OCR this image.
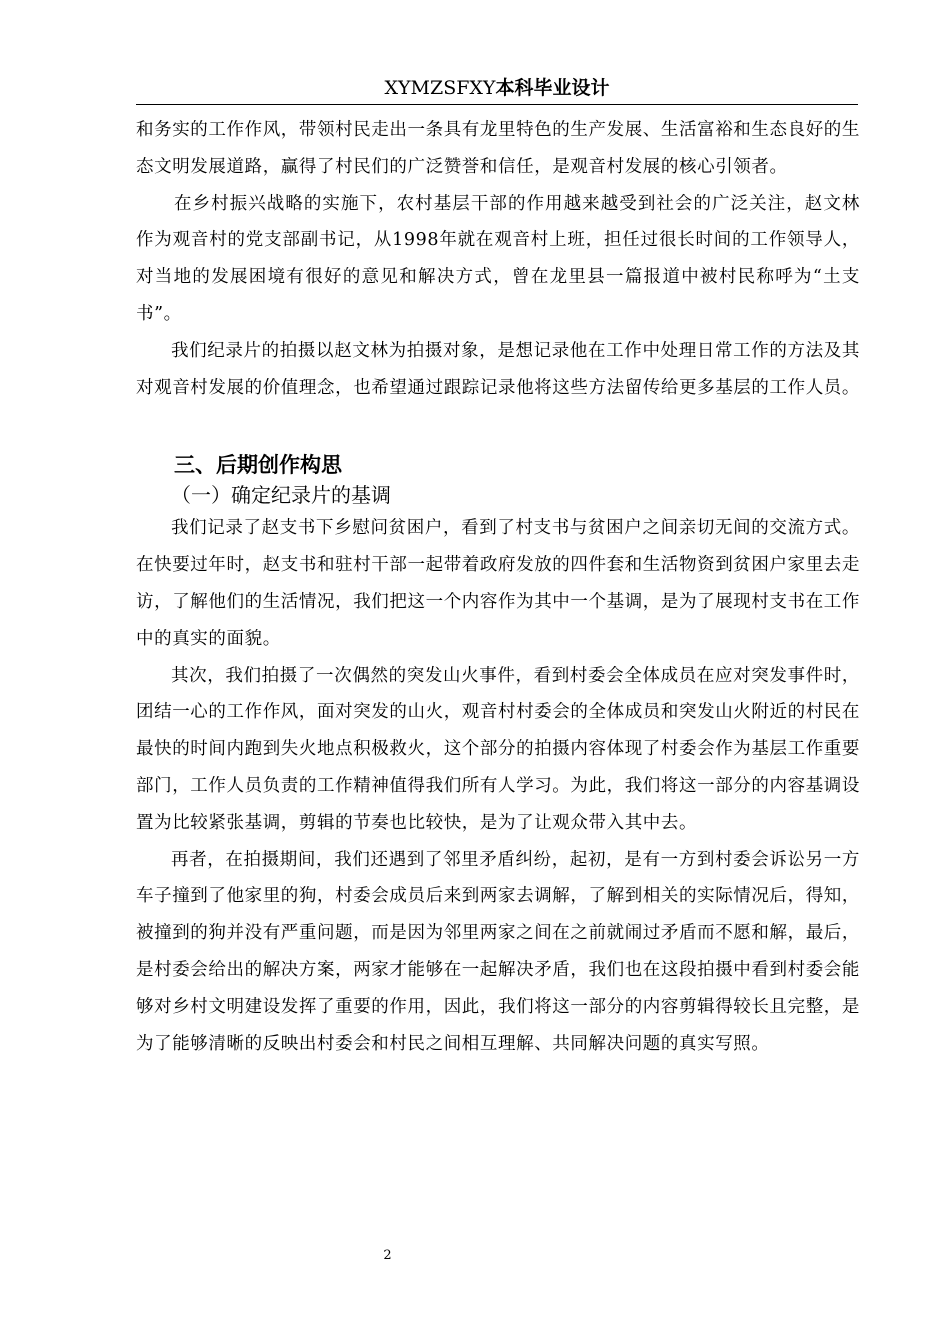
XYMZSFXY本科毕业设计

和务实的工作作风，带领村民走出一条具有龙里特色的生产发展、生活富裕和生态良好的生态文明发展道路，赢得了村民们的广泛赞誉和信任，是观音村发展的核心引领者。

在乡村振兴战略的实施下，农村基层干部的作用越来越受到社会的广泛关注，赵文林作为观音村的党支部副书记，从1998年就在观音村上班，担任过很长时间的工作领导人，对当地的发展困境有很好的意见和解决方式，曾在龙里县一篇报道中被村民称呼为“土支书”。

我们纪录片的拍摄以赵文林为拍摄对象，是想记录他在工作中处理日常工作的方法及其对观音村发展的价值理念，也希望通过跟踪记录他将这些方法留传给更多基层的工作人员。

三、后期创作构思
（一）确定纪录片的基调

我们记录了赵支书下乡慰问贫困户，看到了村支书与贫困户之间亲切无间的交流方式。在快要过年时，赵支书和驻村干部一起带着政府发放的四件套和生活物资到贫困户家里去走访，了解他们的生活情况，我们把这一个内容作为其中一个基调，是为了展现村支书在工作中的真实的面貌。

其次，我们拍摄了一次偶然的突发山火事件，看到村委会全体成员在应对突发事件时，团结一心的工作作风，面对突发的山火，观音村村委会的全体成员和突发山火附近的村民在最快的时间内跑到失火地点积极救火，这个部分的拍摄内容体现了村委会作为基层工作重要部门，工作人员负责的工作精神值得我们所有人学习。为此，我们将这一部分的内容基调设置为比较紧张基调，剪辑的节奏也比较快，是为了让观众带入其中去。

再者，在拍摄期间，我们还遇到了邻里矛盾纠纷，起初，是有一方到村委会诉讼另一方车子撞到了他家里的狗，村委会成员后来到两家去调解，了解到相关的实际情况后，得知，被撞到的狗并没有严重问题，而是因为邻里两家之间在之前就闹过矛盾而不愿和解，最后，是村委会给出的解决方案，两家才能够在一起解决矛盾，我们也在这段拍摄中看到村委会能够对乡村文明建设发挥了重要的作用，因此，我们将这一部分的内容剪辑得较长且完整，是为了能够清晰的反映出村委会和村民之间相互理解、共同解决问题的真实写照。

2
